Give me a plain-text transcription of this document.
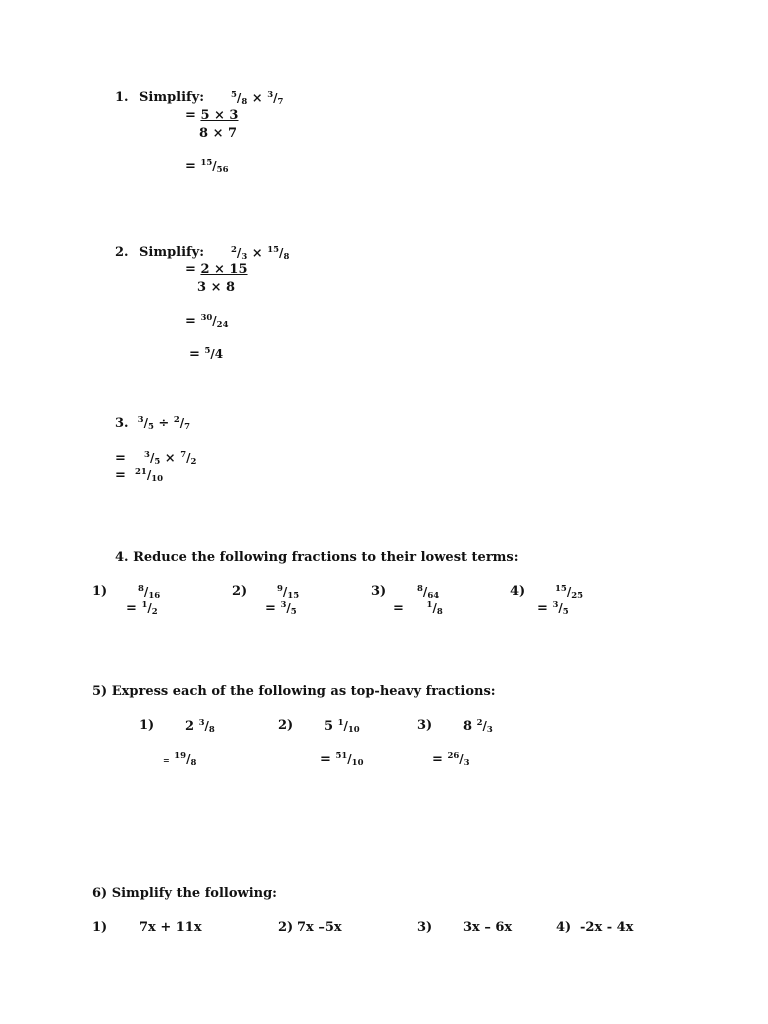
1. Simplify:	$^5$/8 × $^3$/7
= 5 × 3
8 × 7
= $^{15}$/56
2. Simplify:	$^2$/3 × $^{15}$/8
= 2 × 15
3 × 8
= $^{30}$/24
= $^5$/4
3. $^3$/5 ÷ $^2$/7
= $^3$/5 × $^7$/2
= $^{21}$/10
4. Reduce the following fractions to their lowest terms:
1)	$^8$/16
= $^1$/2
2)	$^9$/15
= $^3$/5
3)	$^8$/64
=	$^1$/8
4)	$^{15}$/25
= $^3$/5
5) Express each of the following as top-heavy fractions:
1) 2 $^3$/8
= $^{19}$/8
2) 5 $^1$/10
= $^{51}$/10
3) 8 $^2$/3
= $^{26}$/3
6) Simplify the following:
1) 7x + 11x	2) 7x –5x	3) 3x – 6x	4) -2x - 4x
